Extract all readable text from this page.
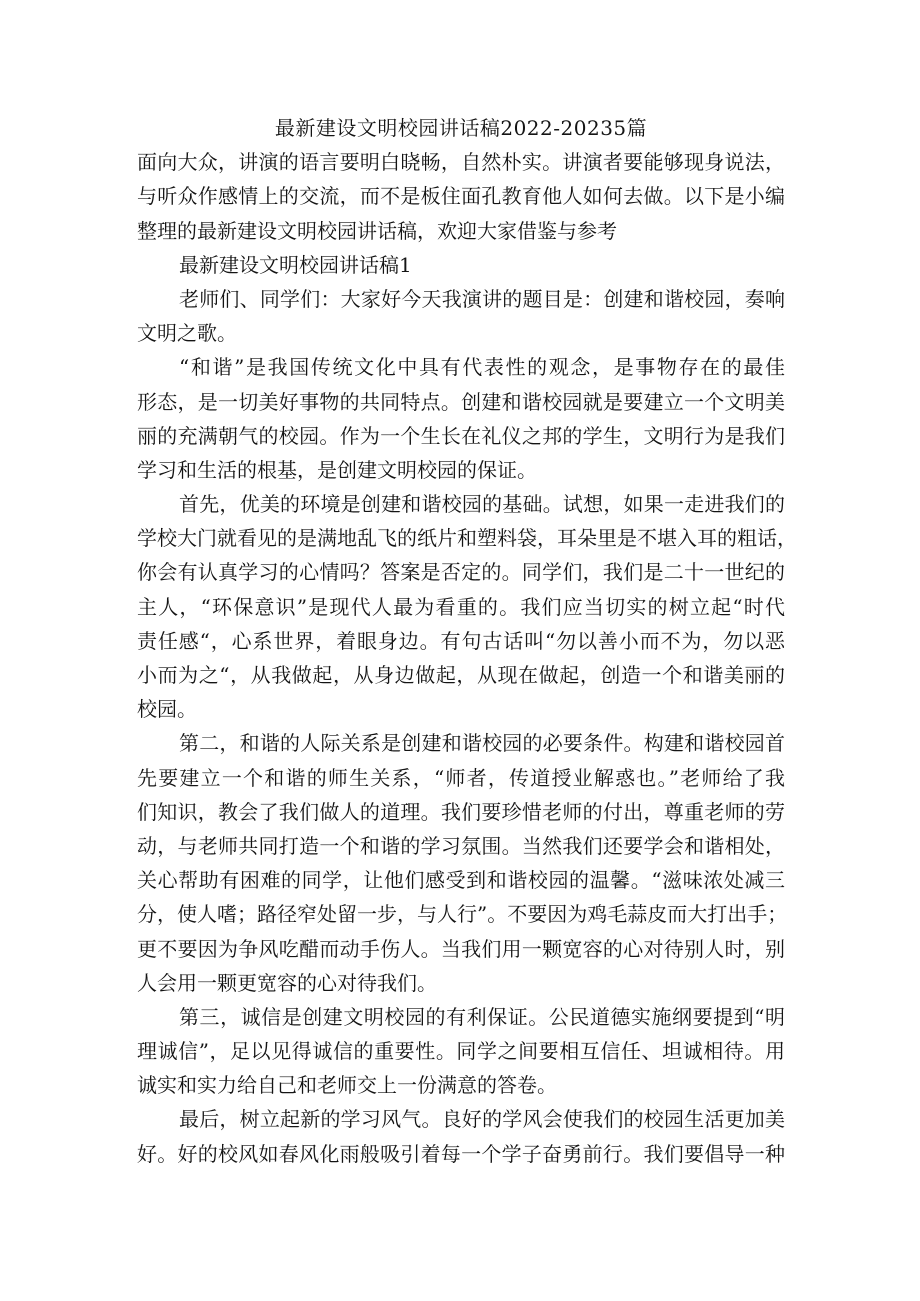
最新建设文明校园讲话稿2022-20235篇
面向大众，讲演的语言要明白晓畅，自然朴实。讲演者要能够现身说法，
与听众作感情上的交流，而不是板住面孔教育他人如何去做。以下是小编
整理的最新建设文明校园讲话稿，欢迎大家借鉴与参考
最新建设文明校园讲话稿1
老师们、同学们：大家好今天我演讲的题目是：创建和谐校园，奏响
文明之歌。
“和谐”是我国传统文化中具有代表性的观念，是事物存在的最佳
形态，是一切美好事物的共同特点。创建和谐校园就是要建立一个文明美
丽的充满朝气的校园。作为一个生长在礼仪之邦的学生，文明行为是我们
学习和生活的根基，是创建文明校园的保证。
首先，优美的环境是创建和谐校园的基础。试想，如果一走进我们的
学校大门就看见的是满地乱飞的纸片和塑料袋，耳朵里是不堪入耳的粗话，
你会有认真学习的心情吗？答案是否定的。同学们，我们是二十一世纪的
主人，“环保意识”是现代人最为看重的。我们应当切实的树立起“时代
责任感“，心系世界，着眼身边。有句古话叫“勿以善小而不为，勿以恶
小而为之“，从我做起，从身边做起，从现在做起，创造一个和谐美丽的
校园。
第二，和谐的人际关系是创建和谐校园的必要条件。构建和谐校园首
先要建立一个和谐的师生关系，“师者，传道授业解惑也。”老师给了我
们知识，教会了我们做人的道理。我们要珍惜老师的付出，尊重老师的劳
动，与老师共同打造一个和谐的学习氛围。当然我们还要学会和谐相处，
关心帮助有困难的同学，让他们感受到和谐校园的温馨。“滋味浓处减三
分，使人嗜；路径窄处留一步，与人行”。不要因为鸡毛蒜皮而大打出手；
更不要因为争风吃醋而动手伤人。当我们用一颗宽容的心对待别人时，别
人会用一颗更宽容的心对待我们。
第三，诚信是创建文明校园的有利保证。公民道德实施纲要提到“明
理诚信”，足以见得诚信的重要性。同学之间要相互信任、坦诚相待。用
诚实和实力给自己和老师交上一份满意的答卷。
最后，树立起新的学习风气。良好的学风会使我们的校园生活更加美
好。好的校风如春风化雨般吸引着每一个学子奋勇前行。我们要倡导一种
